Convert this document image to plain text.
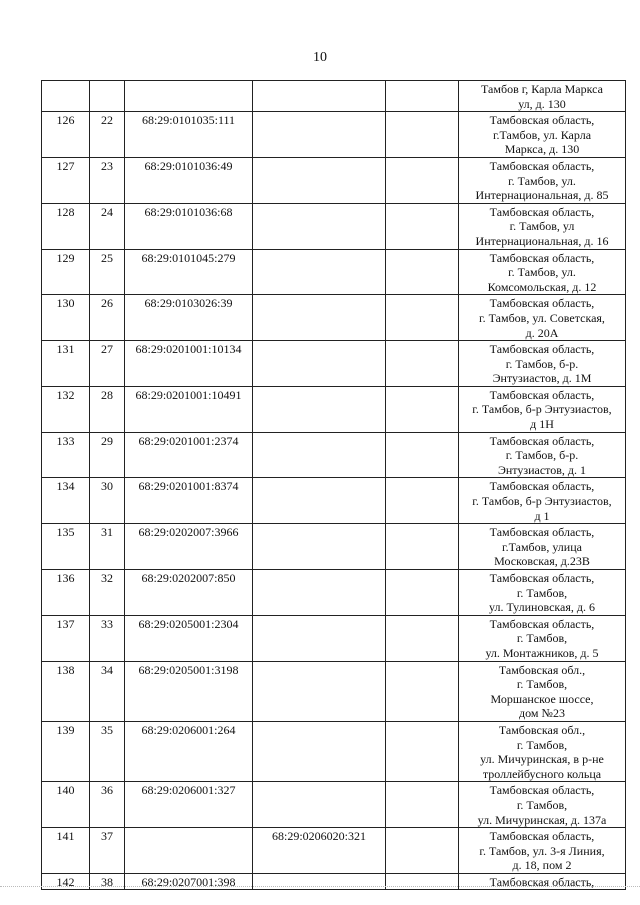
10
					Тамбов г, Карла Маркса
ул, д. 130
126	22	68:29:0101035:111			Тамбовская область,
г.Тамбов, ул. Карла
Маркса, д. 130
127	23	68:29:0101036:49			Тамбовская область,
г. Тамбов, ул.
Интернациональная, д. 85
128	24	68:29:0101036:68			Тамбовская область,
г. Тамбов, ул
Интернациональная, д. 16
129	25	68:29:0101045:279			Тамбовская область,
г. Тамбов, ул.
Комсомольская, д. 12
130	26	68:29:0103026:39			Тамбовская область,
г. Тамбов, ул. Советская,
д. 20А
131	27	68:29:0201001:10134			Тамбовская область,
г. Тамбов, б-р.
Энтузиастов, д. 1М
132	28	68:29:0201001:10491			Тамбовская область,
г. Тамбов, б-р Энтузиастов,
д 1Н
133	29	68:29:0201001:2374			Тамбовская область,
г. Тамбов, б-р.
Энтузиастов, д. 1
134	30	68:29:0201001:8374			Тамбовская область,
г. Тамбов, б-р Энтузиастов,
д 1
135	31	68:29:0202007:3966			Тамбовская область,
г.Тамбов, улица
Московская, д.23В
136	32	68:29:0202007:850			Тамбовская область,
г. Тамбов,
ул. Тулиновская, д. 6
137	33	68:29:0205001:2304			Тамбовская область,
г. Тамбов,
ул. Монтажников, д. 5
138	34	68:29:0205001:3198			Тамбовская обл.,
г. Тамбов,
Моршанское шоссе,
дом №23
139	35	68:29:0206001:264			Тамбовская обл.,
г. Тамбов,
ул. Мичуринская, в р-не
троллейбусного кольца
140	36	68:29:0206001:327			Тамбовская область,
г. Тамбов,
ул. Мичуринская, д. 137а
141	37		68:29:0206020:321		Тамбовская область,
г. Тамбов, ул. 3-я Линия,
д. 18, пом 2
142	38	68:29:0207001:398			Тамбовская область,
